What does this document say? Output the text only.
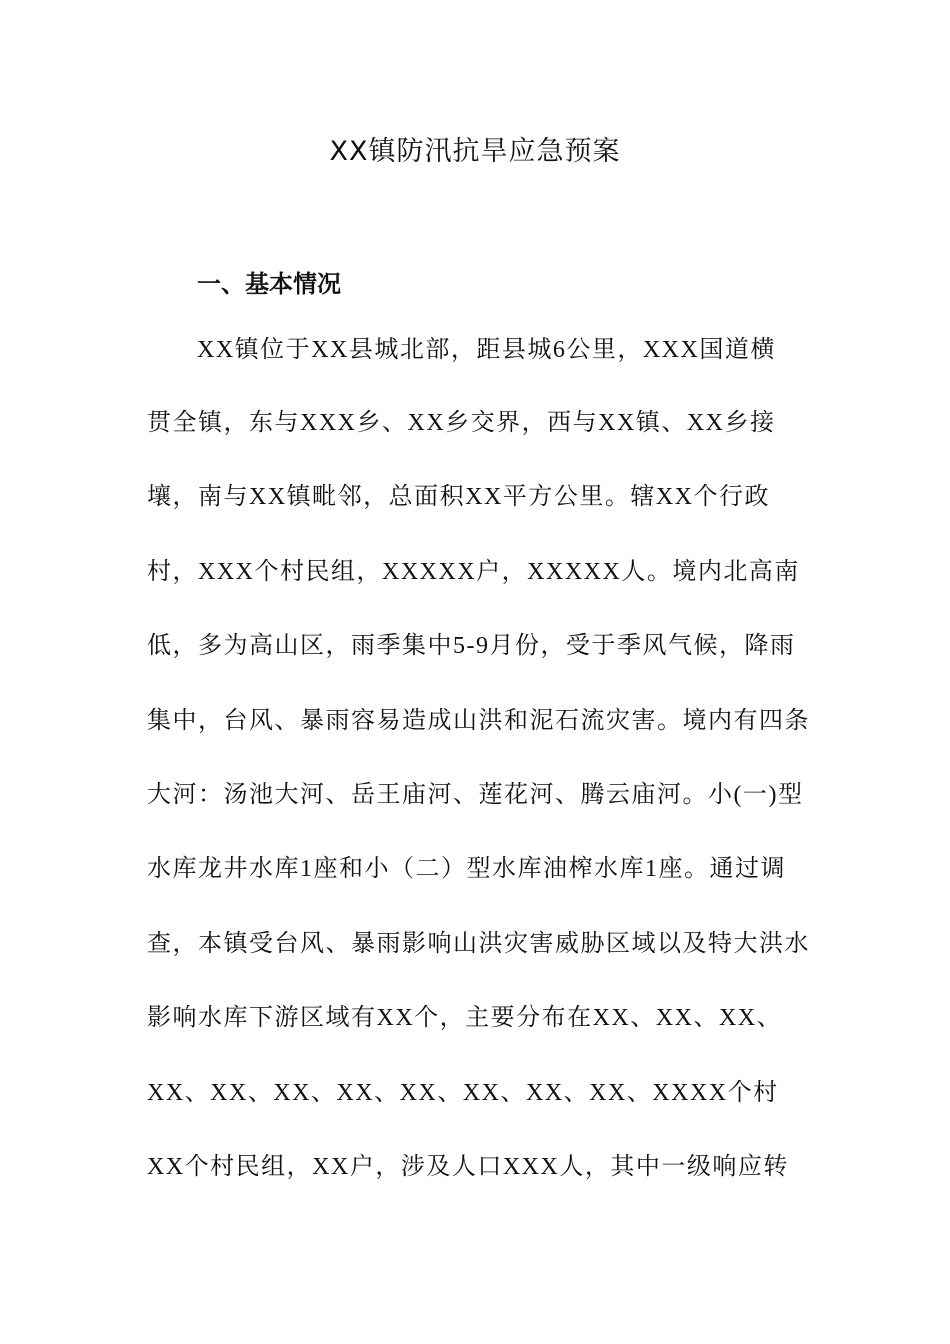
XX镇防汛抗旱应急预案
一、基本情况

XX镇位于XX县城北部，距县城6公里，XXX国道横

贯全镇，东与XXX乡、XX乡交界，西与XX镇、XX乡接

壤，南与XX镇毗邻，总面积XX平方公里。辖XX个行政

村，XXX个村民组，XXXXX户，XXXXX人。境内北高南

低，多为高山区，雨季集中5-9月份，受于季风气候，降雨

集中，台风、暴雨容易造成山洪和泥石流灾害。境内有四条

大河：汤池大河、岳王庙河、莲花河、腾云庙河。小(一)型

水库龙井水库1座和小（二）型水库油榨水库1座。通过调

查，本镇受台风、暴雨影响山洪灾害威胁区域以及特大洪水

影响水库下游区域有XX个，主要分布在XX、XX、XX、

XX、XX、XX、XX、XX、XX、XX、XX、XXXX个村

XX个村民组，XX户，涉及人口XXX人，其中一级响应转
